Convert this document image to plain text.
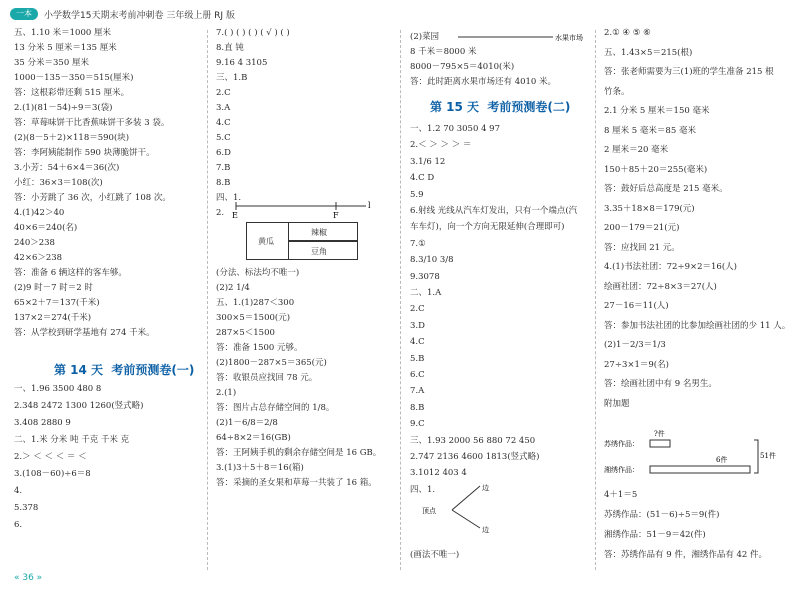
一本	小学数学15天期末考前冲刺卷 三年级上册 RJ 版
五、1.10 米＝1000 厘米
13 分米 5 厘米＝135 厘米
35 分米＝350 厘米
1000－135－350＝515(厘米)
答：这根彩带还剩 515 厘米。
2.(1)(81－54)÷9＝3(袋)
答：草莓味饼干比香蕉味饼干多装 3 袋。
(2)(8－5＋2)×118＝590(块)
答：李阿姨能制作 590 块薄脆饼干。
3.小芳：54＋6×4＝36(次)
小红：36×3＝108(次)
答：小芳跳了 36 次，小红跳了 108 次。
4.(1)42＞40
40×6＝240(名)
240＞238
42×6＞238
答：准备 6 辆这样的客车够。
(2)9 时－7 时＝2 时
65×2＋7＝137(千米)
137×2＝274(千米)
答：从学校到研学基地有 274 千米。
第 14 天 考前预测卷(一)
一、1.96 3500 480 8
2.348 2472 1300 1260(竖式略)
3.408 2880 9
二、1.米 分米 吨 千克 千米 克
2.＞ ＜ ＜ ＜ ＝ ＜
3.(108－60)÷6＝8
4.
5.378
6.
7.( ) ( ) ( ) ( √ ) ( )
8.直 钝
9.16 4 3105
三、1.B
2.C
3.A
4.C
5.C
6.D
7.B
8.B
四、1.
2. E	F
l
黄瓜
辣椒
豆角
(分法、标法均不唯一)
(2)2 1/4
五、1.(1)287＜300
300×5＝1500(元)
287×5＜1500
答：准备 1500 元够。
(2)1800－287×5＝365(元)
答：收银员应找回 78 元。
2.(1)
答：图片占总存储空间的 1/8。
(2)1－6/8＝2/8
64÷8×2＝16(GB)
答：王阿姨手机的剩余存储空间是 16 GB。
3.(1)3＋5＋8＝16(箱)
答：采摘的圣女果和草莓一共装了 16 箱。
水果市场
(2)菜园
8 千米＝8000 米
8000－795×5＝4010(米)
答：此时距离水果市场还有 4010 米。
第 15 天 考前预测卷(二)
一、1.2 70 3050 4 97
2.＜ ＞ ＞ ＞ ＝
3.1/6 12
4.C D
5.9
6.射线 光线从汽车灯发出，只有一个端点(汽
车车灯)，向一个方向无限延伸(合理即可)
7.①
8.3/10 3/8
9.3078
二、1.A
2.C
3.D
4.C
5.B
6.C
7.A
8.B
9.C
三、1.93 2000 56 880 72 450
2.747 2136 4600 1813(竖式略)
3.1012 403 4
四、1.
顶点
边
边
(画法不唯一)
2.① ④ ⑤ ⑥
五、1.43×5＝215(根)
答：张老师需要为三(1)班的学生准备 215 根
竹条。
2.1 分米 5 厘米＝150 毫米
8 厘米 5 毫米＝85 毫米
2 厘米＝20 毫米
150＋85＋20＝255(毫米)
答：鼓好后总高度是 215 毫米。
3.35＋18×8＝179(元)
200－179＝21(元)
答：应找回 21 元。
4.(1)书法社团：72÷9×2＝16(人)
绘画社团：72÷8×3＝27(人)
27－16＝11(人)
答：参加书法社团的比参加绘画社团的少 11 人。
(2)1－2/3＝1/3
27÷3×1＝9(名)
答：绘画社团中有 9 名男生。
附加题
苏绣作品：
湘绣作品：
?件
6件	51件
4＋1＝5
苏绣作品：(51－6)÷5＝9(件)
湘绣作品：51－9＝42(件)
答：苏绣作品有 9 件，湘绣作品有 42 件。
« 36 »
